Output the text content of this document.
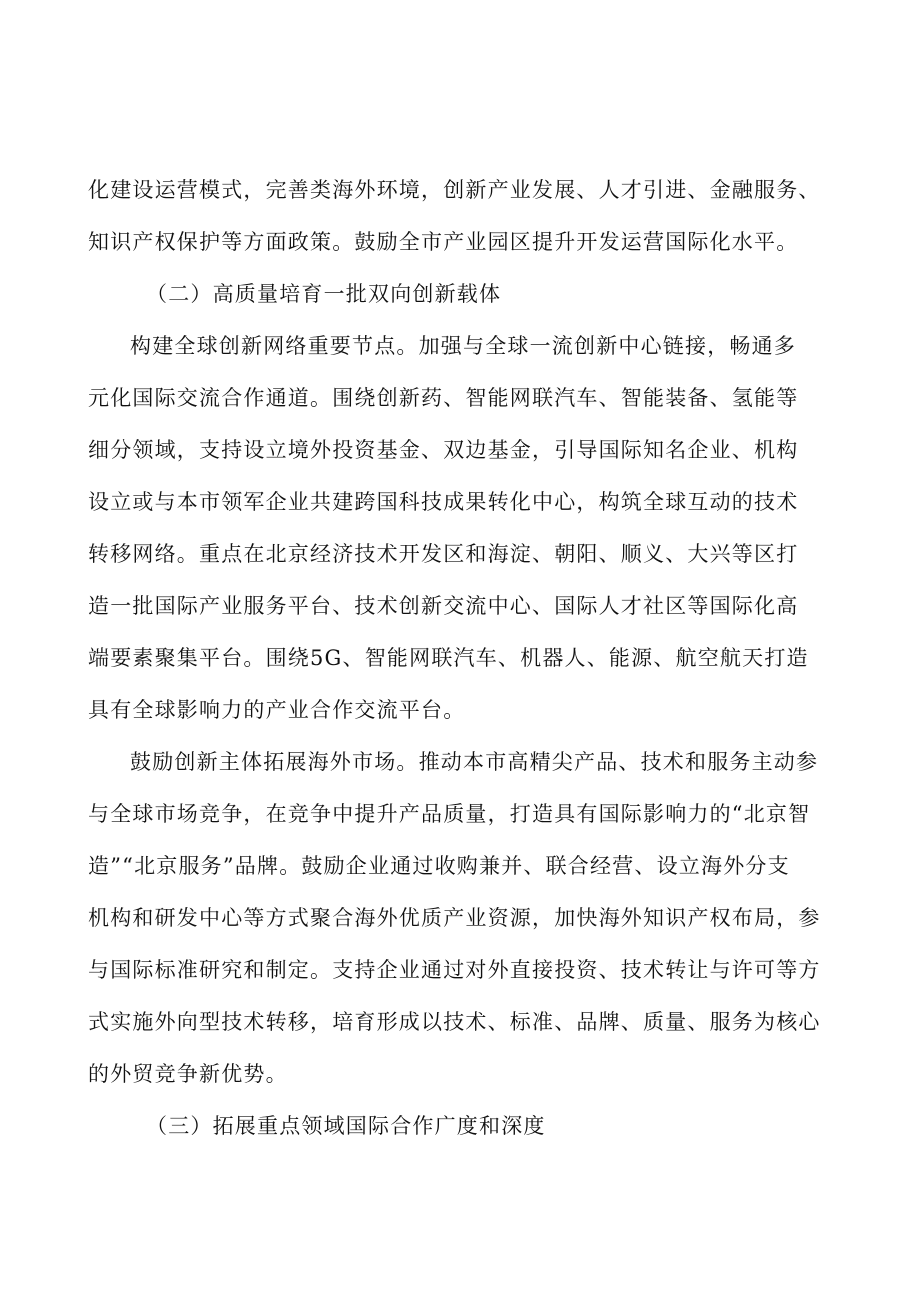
化建设运营模式，完善类海外环境，创新产业发展、人才引进、金融服务、
知识产权保护等方面政策。鼓励全市产业园区提升开发运营国际化水平。
（二）高质量培育一批双向创新载体
构建全球创新网络重要节点。加强与全球一流创新中心链接，畅通多
元化国际交流合作通道。围绕创新药、智能网联汽车、智能装备、氢能等
细分领域，支持设立境外投资基金、双边基金，引导国际知名企业、机构
设立或与本市领军企业共建跨国科技成果转化中心，构筑全球互动的技术
转移网络。重点在北京经济技术开发区和海淀、朝阳、顺义、大兴等区打
造一批国际产业服务平台、技术创新交流中心、国际人才社区等国际化高
端要素聚集平台。围绕5G、智能网联汽车、机器人、能源、航空航天打造
具有全球影响力的产业合作交流平台。
鼓励创新主体拓展海外市场。推动本市高精尖产品、技术和服务主动参
与全球市场竞争，在竞争中提升产品质量，打造具有国际影响力的“北京智
造”“北京服务”品牌。鼓励企业通过收购兼并、联合经营、设立海外分支
机构和研发中心等方式聚合海外优质产业资源，加快海外知识产权布局，参
与国际标准研究和制定。支持企业通过对外直接投资、技术转让与许可等方
式实施外向型技术转移，培育形成以技术、标准、品牌、质量、服务为核心
的外贸竞争新优势。
（三）拓展重点领域国际合作广度和深度
